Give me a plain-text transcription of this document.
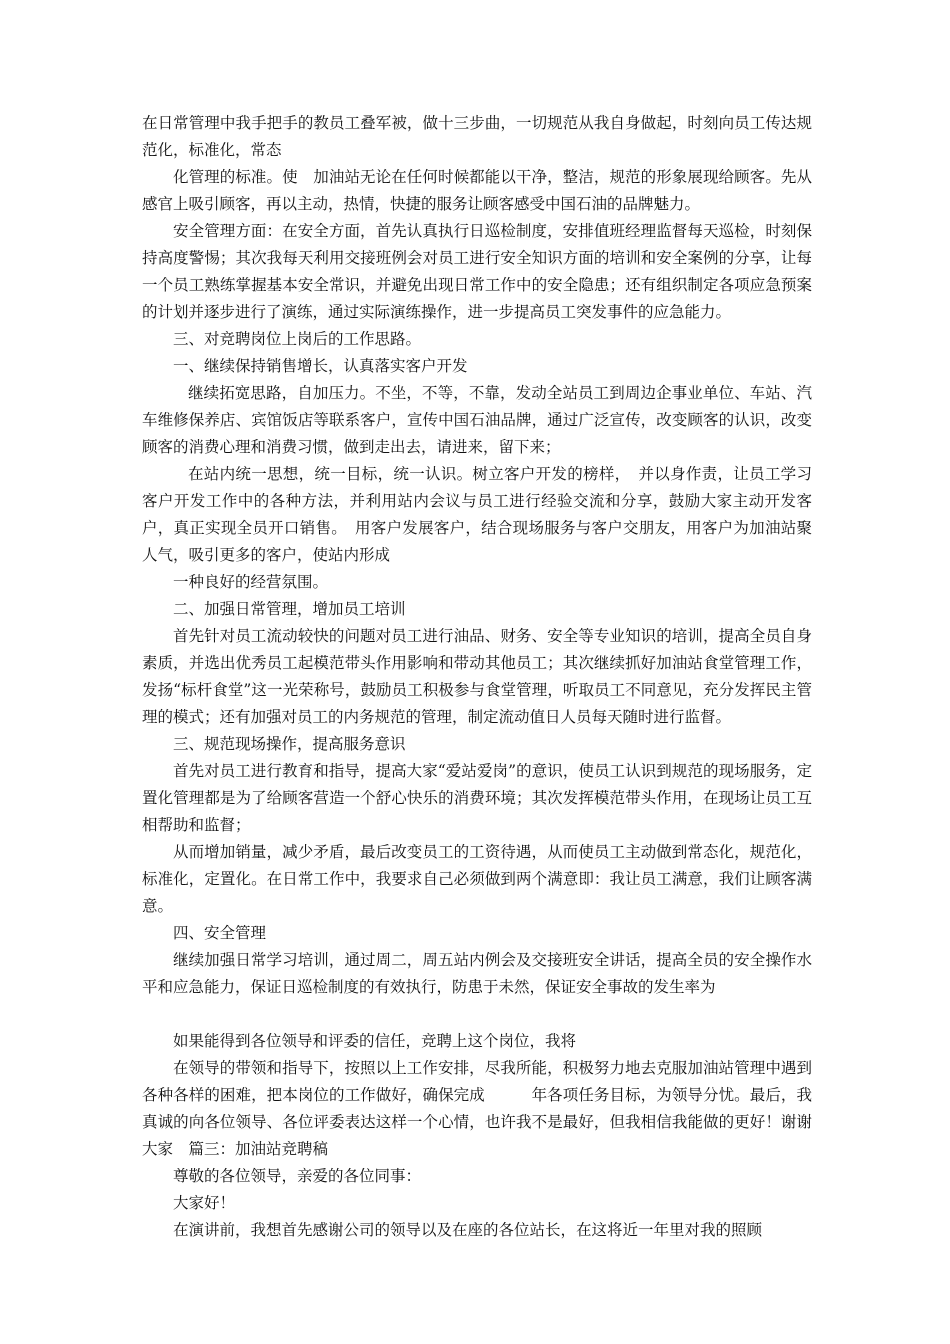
在日常管理中我手把手的教员工叠军被，做十三步曲，一切规范从我自身做起，时刻向员工传达规范化，标准化，常态

化管理的标准。使　加油站无论在任何时候都能以干净，整洁，规范的形象展现给顾客。先从感官上吸引顾客，再以主动，热情，快捷的服务让顾客感受中国石油的品牌魅力。

安全管理方面：在安全方面，首先认真执行日巡检制度，安排值班经理监督每天巡检，时刻保持高度警惕；其次我每天利用交接班例会对员工进行安全知识方面的培训和安全案例的分享，让每一个员工熟练掌握基本安全常识，并避免出现日常工作中的安全隐患；还有组织制定各项应急预案的计划并逐步进行了演练，通过实际演练操作，进一步提高员工突发事件的应急能力。

三、对竞聘岗位上岗后的工作思路。

一、继续保持销售增长，认真落实客户开发

继续拓宽思路，自加压力。不坐，不等，不靠，发动全站员工到周边企事业单位、车站、汽车维修保养店、宾馆饭店等联系客户，宣传中国石油品牌，通过广泛宣传，改变顾客的认识，改变顾客的消费心理和消费习惯，做到走出去，请进来，留下来；

在站内统一思想，统一目标，统一认识。树立客户开发的榜样，　并以身作责，让员工学习客户开发工作中的各种方法，并利用站内会议与员工进行经验交流和分享，鼓励大家主动开发客户，真正实现全员开口销售。　用客户发展客户，结合现场服务与客户交朋友，用客户为加油站聚人气，吸引更多的客户，使站内形成

一种良好的经营氛围。

二、加强日常管理，增加员工培训

首先针对员工流动较快的问题对员工进行油品、财务、安全等专业知识的培训，提高全员自身素质，并选出优秀员工起模范带头作用影响和带动其他员工；其次继续抓好加油站食堂管理工作，发扬“标杆食堂”这一光荣称号，鼓励员工积极参与食堂管理，听取员工不同意见，充分发挥民主管理的模式；还有加强对员工的内务规范的管理，制定流动值日人员每天随时进行监督。

三、规范现场操作，提高服务意识

首先对员工进行教育和指导，提高大家“爱站爱岗”的意识，使员工认识到规范的现场服务，定置化管理都是为了给顾客营造一个舒心快乐的消费环境；其次发挥模范带头作用，在现场让员工互相帮助和监督；

从而增加销量，减少矛盾，最后改变员工的工资待遇，从而使员工主动做到常态化，规范化，标准化，定置化。在日常工作中，我要求自己必须做到两个满意即：我让员工满意，我们让顾客满意。

四、安全管理

继续加强日常学习培训，通过周二，周五站内例会及交接班安全讲话，提高全员的安全操作水平和应急能力，保证日巡检制度的有效执行，防患于未然，保证安全事故的发生率为

如果能得到各位领导和评委的信任，竞聘上这个岗位，我将

在领导的带领和指导下，按照以上工作安排，尽我所能，积极努力地去克服加油站管理中遇到各种各样的困难，把本岗位的工作做好，确保完成　　　年各项任务目标，为领导分忧。最后，我真诚的向各位领导、各位评委表达这样一个心情，也许我不是最好，但我相信我能做的更好！谢谢大家　篇三：加油站竞聘稿

尊敬的各位领导，亲爱的各位同事：

大家好！

在演讲前，我想首先感谢公司的领导以及在座的各位站长，在这将近一年里对我的照顾
